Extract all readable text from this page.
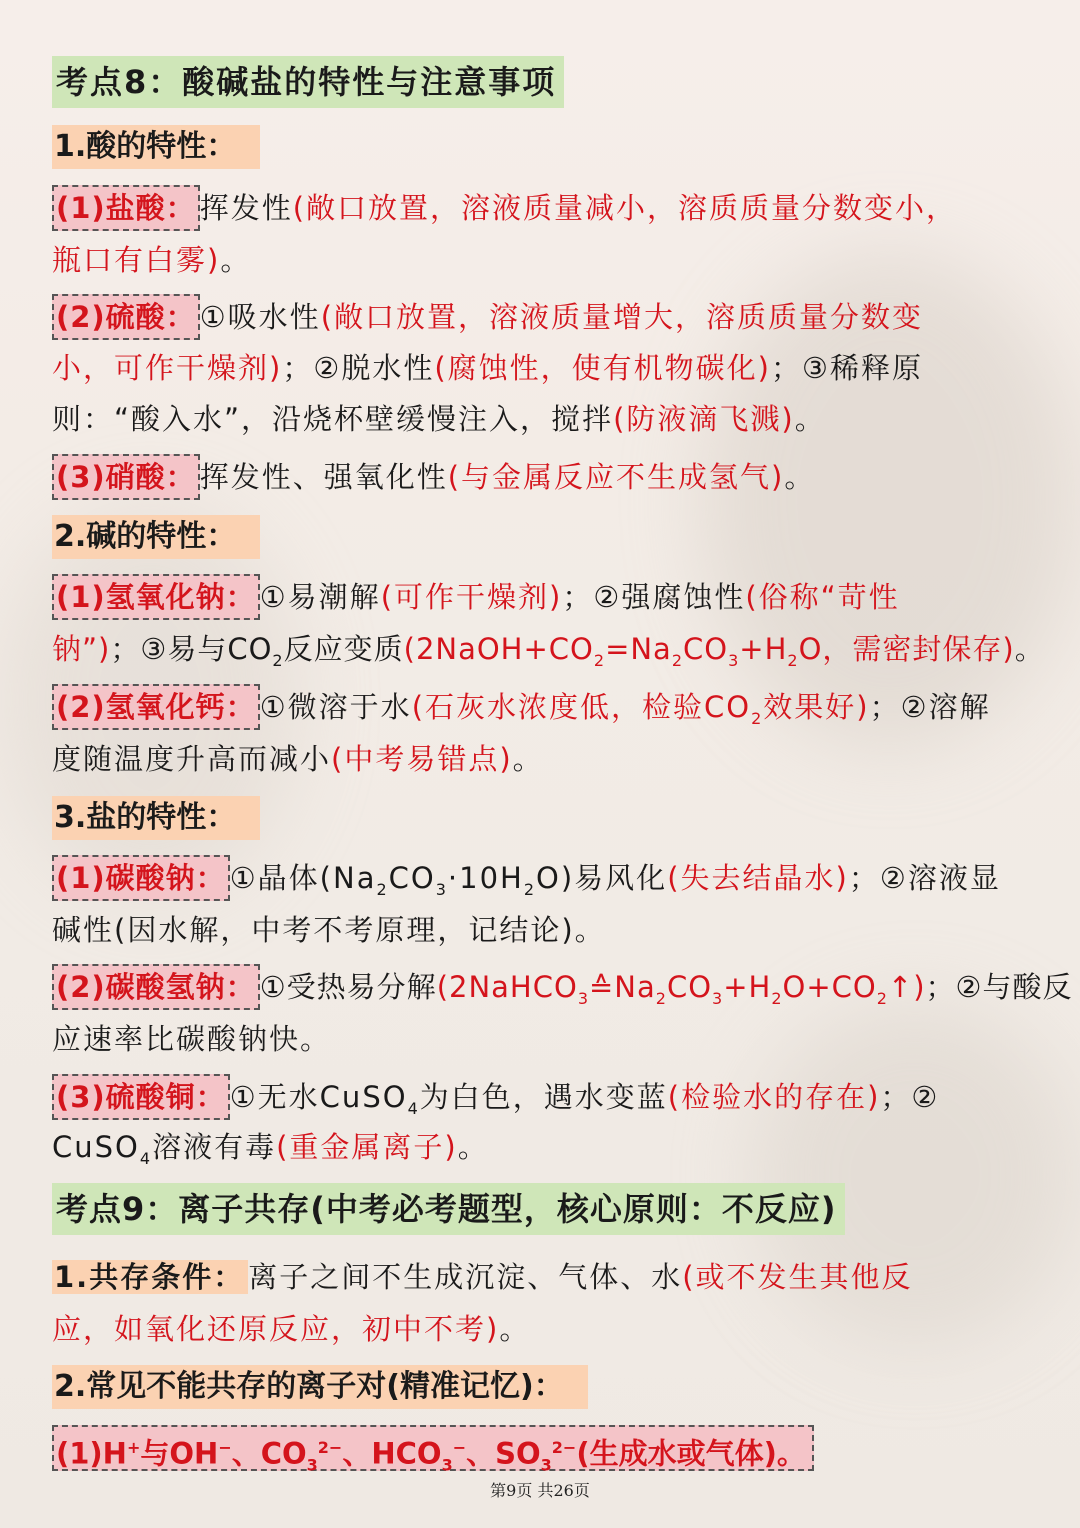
考点8：酸碱盐的特性与注意事项
1.酸的特性：
(1)盐酸： 挥发性(敞口放置，溶液质量减小，溶质质量分数变小，
瓶口有白雾)。
(2)硫酸： ①吸水性(敞口放置，溶液质量增大，溶质质量分数变
小，可作干燥剂)；②脱水性(腐蚀性，使有机物碳化)；③稀释原
则：“酸入水”，沿烧杯壁缓慢注入，搅拌(防液滴飞溅)。
(3)硝酸： 挥发性、强氧化性(与金属反应不生成氢气)。
2.碱的特性：
(1)氢氧化钠： ①易潮解(可作干燥剂)；②强腐蚀性(俗称“苛性
钠”)；③易与$CO_2$反应变质($2NaOH+CO_2=Na_2CO_3+H_2O$，需密封保存)。
(2)氢氧化钙： ①微溶于水(石灰水浓度低，检验$CO_2$效果好)；②溶解
度随温度升高而减小(中考易错点)。
3.盐的特性：
(1)碳酸钠： ①晶体$(Na_2CO_3\cdot 10H_2O)$易风化(失去结晶水)；②溶液显
碱性(因水解，中考不考原理，记结论)。
(2)碳酸氢钠： ①受热易分解$(2NaHCO_3≙Na_2CO_3+H_2O+CO_2↑)$；②与酸反
应速率比碳酸钠快。
(3)硫酸铜： ①无水CuSO$_4$为白色，遇水变蓝(检验水的存在)；②
CuSO$_4$溶液有毒(重金属离子)。
考点9：离子共存(中考必考题型，核心原则：不反应)
1.共存条件： 离子之间不生成沉淀、气体、水(或不发生其他反
应，如氧化还原反应，初中不考)。
2.常见不能共存的离子对(精准记忆)：
(1)H+与OH−、$CO_3^{2-}$、$HCO_3^-$、$SO_3^{2-}$(生成水或气体)。
第9页 共26页
